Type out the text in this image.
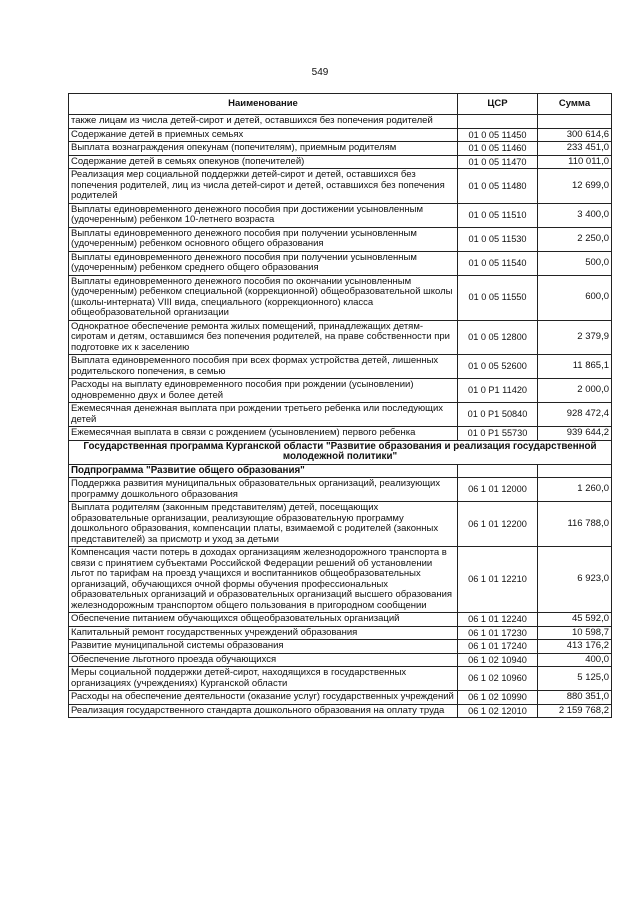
549
Наименование	ЦСР	Сумма
также лицам из числа детей-сирот и детей, оставшихся без попечения родителей		
Содержание детей в приемных семьях	01 0 05 11450	300 614,6
Выплата вознаграждения опекунам (попечителям), приемным родителям	01 0 05 11460	233 451,0
Содержание детей в семьях опекунов (попечителей)	01 0 05 11470	110 011,0
Реализация мер социальной поддержки детей-сирот и детей, оставшихся без попечения родителей, лиц из числа детей-сирот и детей, оставшихся без попечения родителей	01 0 05 11480	12 699,0
Выплаты единовременного денежного пособия при достижении усыновленным (удочеренным) ребенком 10-летнего возраста	01 0 05 11510	3 400,0
Выплаты единовременного денежного пособия при получении усыновленным (удочеренным) ребенком основного общего образования	01 0 05 11530	2 250,0
Выплаты единовременного денежного пособия при получении усыновленным (удочеренным) ребенком среднего общего образования	01 0 05 11540	500,0
Выплаты единовременного денежного пособия по окончании усыновленным (удочеренным) ребенком специальной (коррекционной) общеобразовательной школы (школы-интерната) VIII вида, специального (коррекционного) класса общеобразовательной организации	01 0 05 11550	600,0
Однократное обеспечение ремонта жилых помещений, принадлежащих детям-сиротам и детям, оставшимся без попечения родителей, на праве собственности при подготовке их к заселению	01 0 05 12800	2 379,9
Выплата единовременного пособия при всех формах устройства детей, лишенных родительского попечения, в семью	01 0 05 52600	11 865,1
Расходы на выплату единовременного пособия при рождении (усыновлении) одновременно двух и более детей	01 0 Р1 11420	2 000,0
Ежемесячная денежная выплата при рождении третьего ребенка или последующих детей	01 0 Р1 50840	928 472,4
Ежемесячная выплата в связи с рождением (усыновлением) первого ребенка	01 0 Р1 55730	939 644,2
Государственная программа Курганской области "Развитие образования и реализация государственной молодежной политики"		
Подпрограмма "Развитие общего образования"		
Поддержка развития муниципальных образовательных организаций, реализующих программу дошкольного образования	06 1 01 12000	1 260,0
Выплата родителям (законным представителям) детей, посещающих образовательные организации, реализующие образовательную программу дошкольного образования, компенсации платы, взимаемой с родителей (законных представителей) за присмотр и уход за детьми	06 1 01 12200	116 788,0
Компенсация части потерь в доходах организациям железнодорожного транспорта в связи с принятием субъектами Российской Федерации решений об установлении льгот по тарифам на проезд учащихся и воспитанников общеобразовательных организаций, обучающихся очной формы обучения профессиональных образовательных организаций и образовательных организаций высшего образования железнодорожным транспортом общего пользования в пригородном сообщении	06 1 01 12210	6 923,0
Обеспечение питанием обучающихся общеобразовательных организаций	06 1 01 12240	45 592,0
Капитальный ремонт государственных учреждений образования	06 1 01 17230	10 598,7
Развитие муниципальной системы образования	06 1 01 17240	413 176,2
Обеспечение льготного проезда обучающихся	06 1 02 10940	400,0
Меры социальной поддержки детей-сирот, находящихся в государственных организациях (учреждениях) Курганской области	06 1 02 10960	5 125,0
Расходы на обеспечение деятельности (оказание услуг) государственных учреждений	06 1 02 10990	880 351,0
Реализация государственного стандарта дошкольного образования на оплату труда	06 1 02 12010	2 159 768,2
